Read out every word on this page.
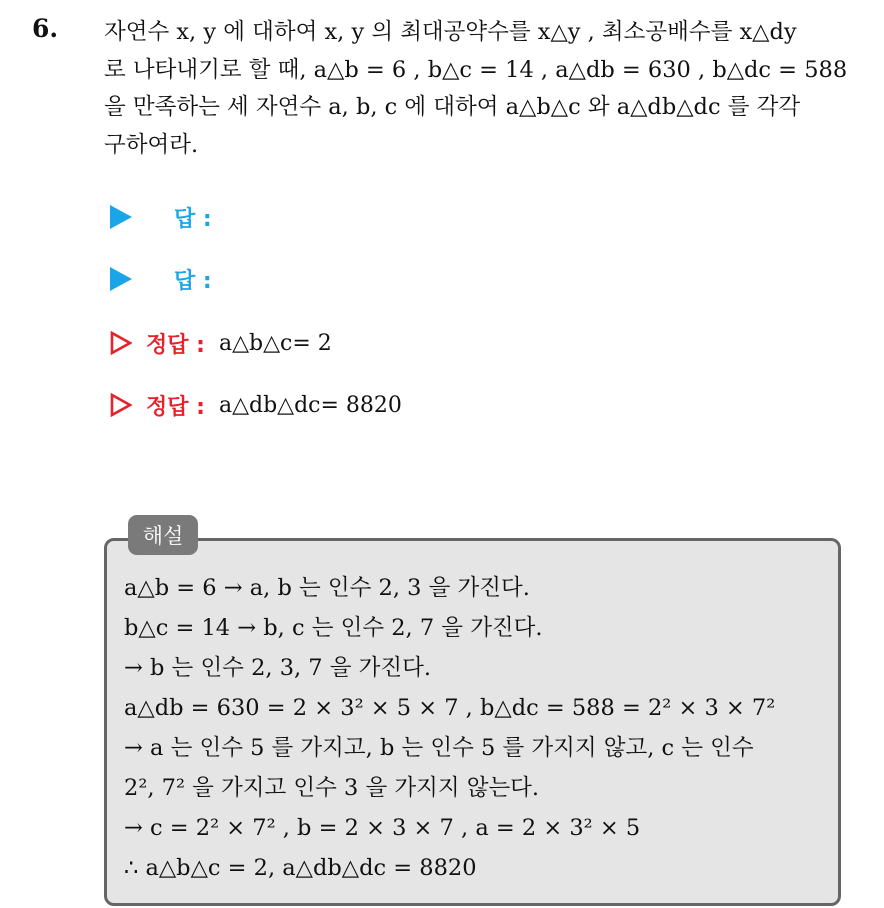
6. 자연수 x, y 에 대하여 x, y 의 최대공약수를 x△y , 최소공배수를 x△dy
로 나타내기로 할 때, a△b = 6 , b△c = 14 , a△db = 630 , b△dc = 588
을 만족하는 세 자연수 a, b, c 에 대하여 a△b△c 와 a△db△dc 를 각각
구하여라.
답 :
답 :
정답 : a△b△c= 2
정답 : a△db△dc= 8820
해설
a△b = 6 → a, b 는 인수 2, 3 을 가진다.
b△c = 14 → b, c 는 인수 2, 7 을 가진다.
→ b 는 인수 2, 3, 7 을 가진다.
a△db = 630 = 2 × 3² × 5 × 7 , b△dc = 588 = 2² × 3 × 7²
→ a 는 인수 5 를 가지고, b 는 인수 5 를 가지지 않고, c 는 인수
2², 7² 을 가지고 인수 3 을 가지지 않는다.
→ c = 2² × 7² , b = 2 × 3 × 7 , a = 2 × 3² × 5
∴ a△b△c = 2, a△db△dc = 8820
